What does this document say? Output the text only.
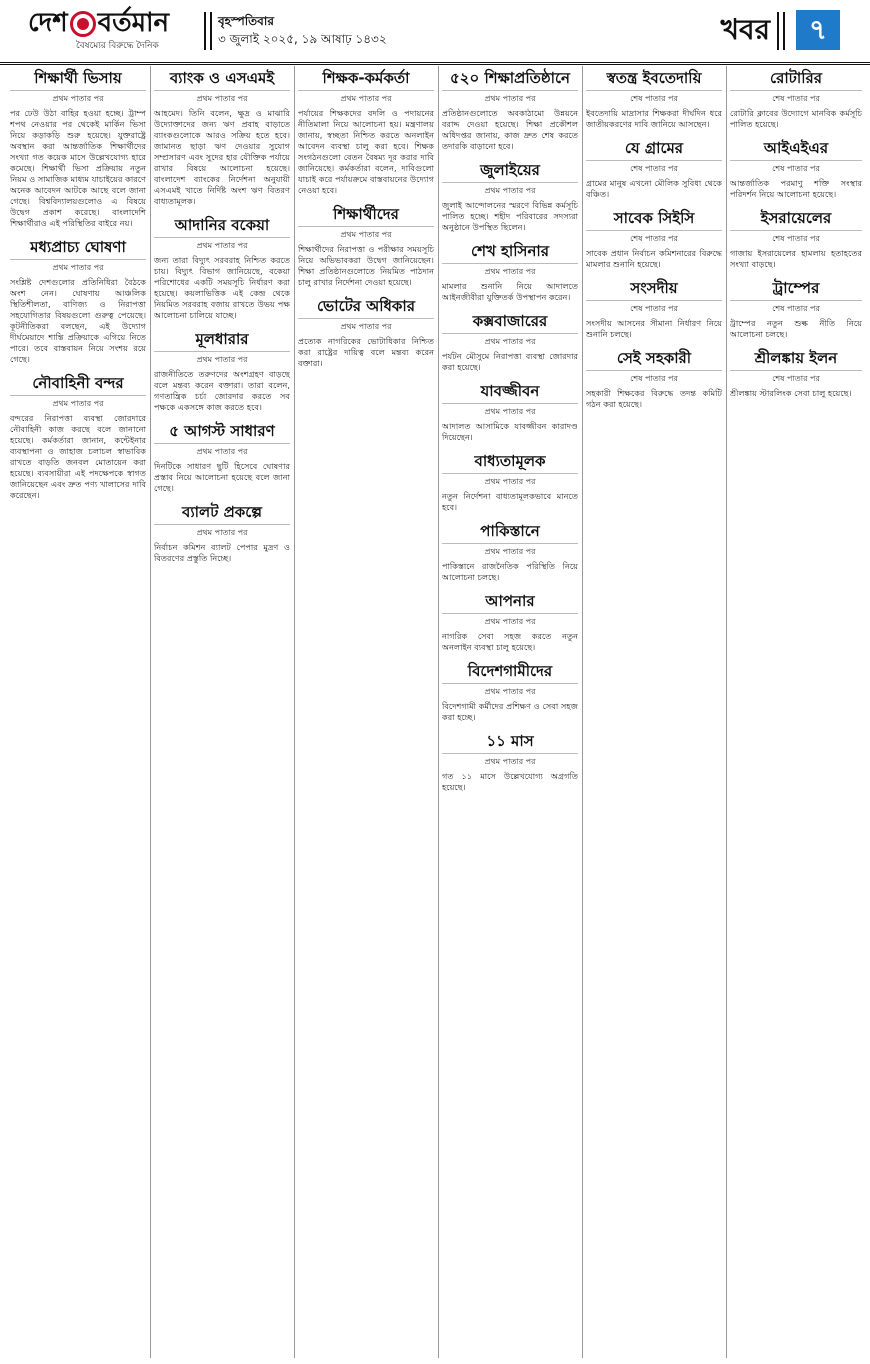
দেশ বর্তমান
বৈষম্যের বিরুদ্ধে দৈনিক
বৃহস্পতিবার
৩ জুলাই ২০২৫, ১৯ আষাঢ় ১৪৩২	খবর	৭
শিক্ষার্থী ভিসায়
প্রথম পাতার পর

পর ঢেউ উঠা বাহির হওয়া হচ্ছে। ট্রাম্প শপথ নেওয়ার পর থেকেই মার্কিন ভিসা নিয়ে কড়াকড়ি শুরু হয়েছে। যুক্তরাষ্ট্রে অবস্থান করা আন্তর্জাতিক শিক্ষার্থীদের সংখ্যা গত কয়েক মাসে উল্লেখযোগ্য হারে কমেছে। শিক্ষার্থী ভিসা প্রক্রিয়ায় নতুন নিয়ম ও সামাজিক মাধ্যম যাচাইয়ের কারণে অনেক আবেদন আটকে আছে বলে জানা গেছে। বিশ্ববিদ্যালয়গুলোও এ বিষয়ে উদ্বেগ প্রকাশ করেছে। বাংলাদেশি শিক্ষার্থীরাও এই পরিস্থিতির বাইরে নয়।

মধ্যপ্রাচ্য ঘোষণা
প্রথম পাতার পর

সংশ্লিষ্ট দেশগুলোর প্রতিনিধিরা বৈঠকে অংশ নেন। ঘোষণায় আঞ্চলিক স্থিতিশীলতা, বাণিজ্য ও নিরাপত্তা সহযোগিতার বিষয়গুলো গুরুত্ব পেয়েছে। কূটনীতিকরা বলছেন, এই উদ্যোগ দীর্ঘমেয়াদে শান্তি প্রক্রিয়াকে এগিয়ে নিতে পারে। তবে বাস্তবায়ন নিয়ে সংশয় রয়ে গেছে।

নৌবাহিনী বন্দর
প্রথম পাতার পর

বন্দরের নিরাপত্তা ব্যবস্থা জোরদারে নৌবাহিনী কাজ করছে বলে জানানো হয়েছে। কর্মকর্তারা জানান, কন্টেইনার ব্যবস্থাপনা ও জাহাজ চলাচল স্বাভাবিক রাখতে বাড়তি জনবল মোতায়েন করা হয়েছে। ব্যবসায়ীরা এই পদক্ষেপকে স্বাগত জানিয়েছেন এবং দ্রুত পণ্য খালাসের দাবি করেছেন।

ব্যাংক ও এসএমই
প্রথম পাতার পর

আহমেদ। তিনি বলেন, ক্ষুদ্র ও মাঝারি উদ্যোক্তাদের জন্য ঋণ প্রবাহ বাড়াতে ব্যাংকগুলোকে আরও সক্রিয় হতে হবে। জামানত ছাড়া ঋণ দেওয়ার সুযোগ সম্প্রসারণ এবং সুদের হার যৌক্তিক পর্যায়ে রাখার বিষয়ে আলোচনা হয়েছে। বাংলাদেশ ব্যাংকের নির্দেশনা অনুযায়ী এসএমই খাতে নির্দিষ্ট অংশ ঋণ বিতরণ বাধ্যতামূলক।

আদানির বকেয়া
প্রথম পাতার পর

জন্য তারা বিদ্যুৎ সরবরাহ নিশ্চিত করতে চায়। বিদ্যুৎ বিভাগ জানিয়েছে, বকেয়া পরিশোধের একটি সময়সূচি নির্ধারণ করা হয়েছে। কয়লাভিত্তিক এই কেন্দ্র থেকে নিয়মিত সরবরাহ বজায় রাখতে উভয় পক্ষ আলোচনা চালিয়ে যাচ্ছে।

মূলধারার
প্রথম পাতার পর

রাজনীতিতে তরুণদের অংশগ্রহণ বাড়ছে বলে মন্তব্য করেন বক্তারা। তারা বলেন, গণতান্ত্রিক চর্চা জোরদার করতে সব পক্ষকে একসঙ্গে কাজ করতে হবে।

৫ আগস্ট সাধারণ
প্রথম পাতার পর

দিনটিকে সাধারণ ছুটি হিসেবে ঘোষণার প্রস্তাব নিয়ে আলোচনা হয়েছে বলে জানা গেছে।

ব্যালট প্রকল্পে
প্রথম পাতার পর

নির্বাচন কমিশন ব্যালট পেপার মুদ্রণ ও বিতরণের প্রস্তুতি নিচ্ছে।

শিক্ষক-কর্মকর্তা
প্রথম পাতার পর

পর্যায়ের শিক্ষকদের বদলি ও পদায়নের নীতিমালা নিয়ে আলোচনা হয়। মন্ত্রণালয় জানায়, স্বচ্ছতা নিশ্চিত করতে অনলাইন আবেদন ব্যবস্থা চালু করা হবে। শিক্ষক সংগঠনগুলো বেতন বৈষম্য দূর করার দাবি জানিয়েছে। কর্মকর্তারা বলেন, দাবিগুলো যাচাই করে পর্যায়ক্রমে বাস্তবায়নের উদ্যোগ নেওয়া হবে।

শিক্ষার্থীদের
প্রথম পাতার পর

শিক্ষার্থীদের নিরাপত্তা ও পরীক্ষার সময়সূচি নিয়ে অভিভাবকরা উদ্বেগ জানিয়েছেন। শিক্ষা প্রতিষ্ঠানগুলোতে নিয়মিত পাঠদান চালু রাখার নির্দেশনা দেওয়া হয়েছে।

ভোটের অধিকার
প্রথম পাতার পর

প্রত্যেক নাগরিকের ভোটাধিকার নিশ্চিত করা রাষ্ট্রের দায়িত্ব বলে মন্তব্য করেন বক্তারা।

৫২০ শিক্ষাপ্রতিষ্ঠানে
প্রথম পাতার পর

প্রতিষ্ঠানগুলোতে অবকাঠামো উন্নয়নে বরাদ্দ দেওয়া হয়েছে। শিক্ষা প্রকৌশল অধিদপ্তর জানায়, কাজ দ্রুত শেষ করতে তদারকি বাড়ানো হবে।

জুলাইয়ের
প্রথম পাতার পর

জুলাই আন্দোলনের স্মরণে বিভিন্ন কর্মসূচি পালিত হচ্ছে। শহীদ পরিবারের সদস্যরা অনুষ্ঠানে উপস্থিত ছিলেন।

শেখ হাসিনার
প্রথম পাতার পর

মামলার শুনানি নিয়ে আদালতে আইনজীবীরা যুক্তিতর্ক উপস্থাপন করেন।

কক্সবাজারের
প্রথম পাতার পর

পর্যটন মৌসুমে নিরাপত্তা ব্যবস্থা জোরদার করা হয়েছে।

যাবজ্জীবন
প্রথম পাতার পর

আদালত আসামিকে যাবজ্জীবন কারাদণ্ড দিয়েছেন।

বাধ্যতামূলক
প্রথম পাতার পর

নতুন নির্দেশনা বাধ্যতামূলকভাবে মানতে হবে।

পাকিস্তানে
প্রথম পাতার পর

পাকিস্তানে রাজনৈতিক পরিস্থিতি নিয়ে আলোচনা চলছে।

আপনার
প্রথম পাতার পর

নাগরিক সেবা সহজ করতে নতুন অনলাইন ব্যবস্থা চালু হয়েছে।

বিদেশগামীদের
প্রথম পাতার পর

বিদেশগামী কর্মীদের প্রশিক্ষণ ও সেবা সহজ করা হচ্ছে।

১১ মাস
প্রথম পাতার পর

গত ১১ মাসে উল্লেখযোগ্য অগ্রগতি হয়েছে।

স্বতন্ত্র ইবতেদায়ি
শেষ পাতার পর

ইবতেদায়ি মাদ্রাসার শিক্ষকরা দীর্ঘদিন ধরে জাতীয়করণের দাবি জানিয়ে আসছেন।

যে গ্রামের
শেষ পাতার পর

গ্রামের মানুষ এখনো মৌলিক সুবিধা থেকে বঞ্চিত।

সাবেক সিইসি
শেষ পাতার পর

সাবেক প্রধান নির্বাচন কমিশনারের বিরুদ্ধে মামলার শুনানি হয়েছে।

সংসদীয়
শেষ পাতার পর

সংসদীয় আসনের সীমানা নির্ধারণ নিয়ে শুনানি চলছে।

সেই সহকারী
শেষ পাতার পর

সহকারী শিক্ষকের বিরুদ্ধে তদন্ত কমিটি গঠন করা হয়েছে।

রোটারির
শেষ পাতার পর

রোটারি ক্লাবের উদ্যোগে মানবিক কর্মসূচি পালিত হয়েছে।

আইএইএর
শেষ পাতার পর

আন্তর্জাতিক পরমাণু শক্তি সংস্থার পরিদর্শন নিয়ে আলোচনা হয়েছে।

ইসরায়েলের
শেষ পাতার পর

গাজায় ইসরায়েলের হামলায় হতাহতের সংখ্যা বাড়ছে।

ট্রাম্পের
শেষ পাতার পর

ট্রাম্পের নতুন শুল্ক নীতি নিয়ে আলোচনা চলছে।

শ্রীলঙ্কায় ইলন
শেষ পাতার পর

শ্রীলঙ্কায় স্টারলিংক সেবা চালু হয়েছে।
